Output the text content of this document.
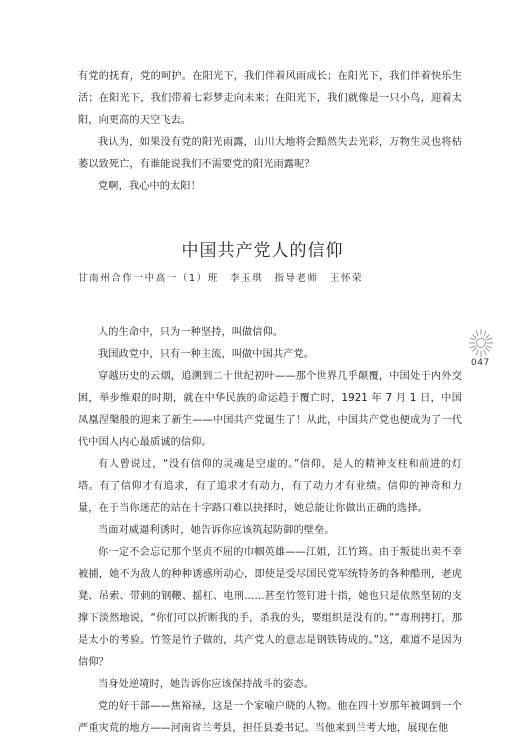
有党的抚育，党的呵护。在阳光下，我们伴着风雨成长；在阳光下，我们伴着快乐生活；在阳光下，我们带着七彩梦走向未来；在阳光下，我们就像是一只小鸟，迎着太阳，向更高的天空飞去。

我认为，如果没有党的阳光雨露，山川大地将会黯然失去光彩，万物生灵也将枯萎以致死亡，有谁能说我们不需要党的阳光雨露呢？

党啊，我心中的太阳！

中国共产党人的信仰
甘南州合作一中高一（1）班　李玉琪　指导老师　王怀荣

人的生命中，只为一种坚持，叫做信仰。

我国政党中，只有一种主流，叫做中国共产党。

穿越历史的云烟，追溯到二十世纪初叶——那个世界几乎颠覆，中国处于内外交困，举步维艰的时期，就在中华民族的命运趋于覆亡时，1921 年 7 月 1 日，中国凤凰涅槃般的迎来了新生——中国共产党诞生了！从此，中国共产党也便成为了一代代中国人内心最质诚的信仰。

有人曾说过，“没有信仰的灵魂是空虚的。”信仰，是人的精神支柱和前进的灯塔。有了信仰才有追求，有了追求才有动力，有了动力才有业绩。信仰的神奇和力量，在于当你迷茫的站在十字路口难以抉择时，她总能让你做出正确的选择。

当面对威逼利诱时，她告诉你应该筑起防御的壁垒。

你一定不会忘记那个坚贞不屈的巾帼英雄——江姐，江竹筠。由于叛徒出卖不幸被捕，她不为敌人的种种诱惑所动心，即使是受尽国民党军统特务的各种酷刑，老虎凳、吊索、带刺的钢鞭、摇杠、电刑……甚至竹签钉进十指，她也只是依然坚韧的支撑下淡然地说，“你们可以折断我的手，杀我的头，要组织是没有的。”“毒刑拷打，那是太小的考验。竹签是竹子做的，共产党人的意志是钢铁铸成的。”这，难道不是因为信仰？

当身处逆境时，她告诉你应该保持战斗的姿态。

党的好干部——焦裕禄，这是一个家喻户晓的人物。他在四十岁那年被调到一个严重灾荒的地方——河南省兰考县，担任县委书记。当他来到兰考大地，展现在他

047
